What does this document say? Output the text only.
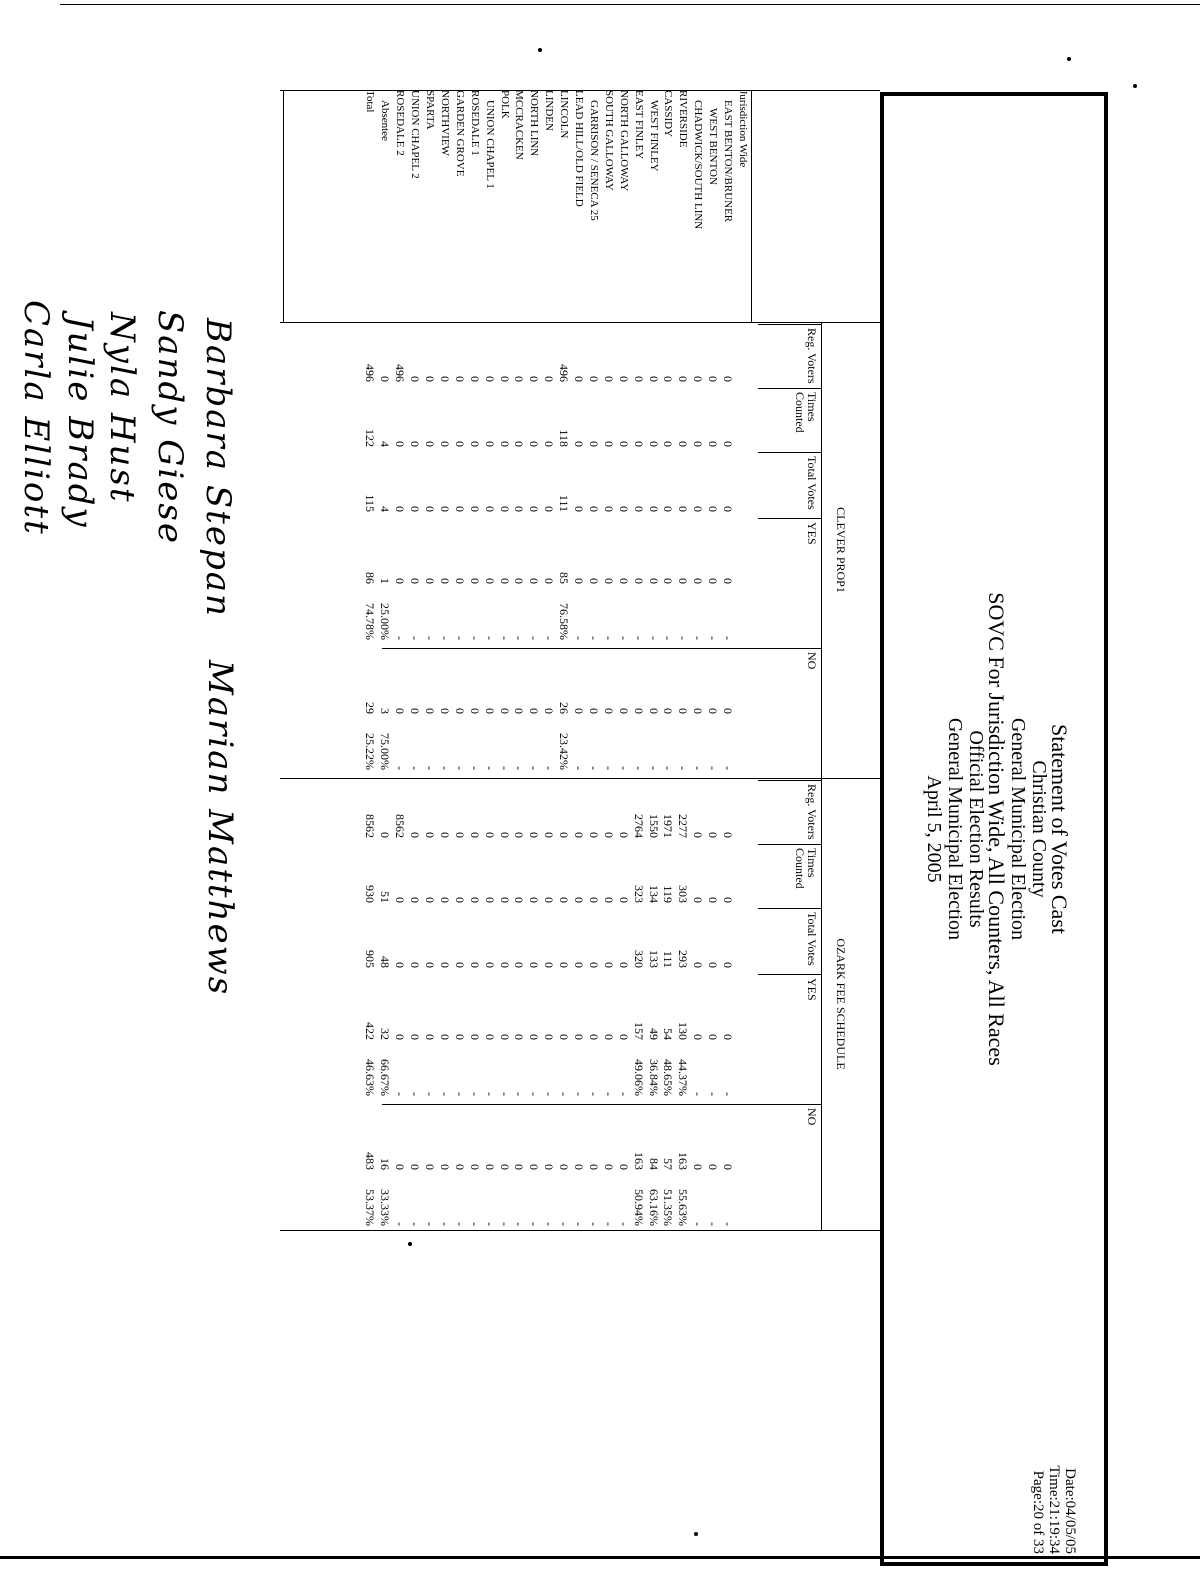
Statement of Votes Cast
Christian County
General Municipal Election
SOVC For Jurisdiction Wide, All Counters, All Races
Official Election Results
General Municipal Election
April 5, 2005
Date:04/05/05
Time:21:19:34
Page:20 of 33
CLEVER PROP1
Reg. Voters
Times Counted
Total Votes
YES
NO
OZARK FEE SCHEDULE
Reg. Voters
Times Counted
Total Votes
YES
NO
Jurisdiction Wide
EAST BENTON/BRUNER
0
0
0
0
-
0
-
0
0
0
0
-
0
-
WEST BENTON
0
0
0
0
-
0
-
0
0
0
0
-
0
-
CHADWICK/SOUTH LINN
0
0
0
0
-
0
-
0
0
0
0
-
0
-
RIVERSIDE
0
0
0
0
-
0
-
2277
303
293
130
44.37%
163
55.63%
CASSIDY
0
0
0
0
-
0
-
1971
119
111
54
48.65%
57
51.35%
WEST FINLEY
0
0
0
0
-
0
-
1550
134
133
49
36.84%
84
63.16%
EAST FINLEY
0
0
0
0
-
0
-
2764
323
320
157
49.06%
163
50.94%
NORTH GALLOWAY
0
0
0
0
-
0
-
0
0
0
0
-
0
-
SOUTH GALLOWAY
0
0
0
0
-
0
-
0
0
0
0
-
0
-
GARRISON / SENECA 25
0
0
0
0
-
0
-
0
0
0
0
-
0
-
LEAD HILL/OLD FIELD
0
0
0
0
-
0
-
0
0
0
0
-
0
-
LINCOLN
496
118
111
85
76.58%
26
23.42%
0
0
0
0
-
0
-
LINDEN
0
0
0
0
-
0
-
0
0
0
0
-
0
-
NORTH LINN
0
0
0
0
-
0
-
0
0
0
0
-
0
-
MCCRACKEN
0
0
0
0
-
0
-
0
0
0
0
-
0
-
POLK
0
0
0
0
-
0
-
0
0
0
0
-
0
-
UNION CHAPEL 1
0
0
0
0
-
0
-
0
0
0
0
-
0
-
ROSEDALE 1
0
0
0
0
-
0
-
0
0
0
0
-
0
-
GARDEN GROVE
0
0
0
0
-
0
-
0
0
0
0
-
0
-
NORTHVIEW
0
0
0
0
-
0
-
0
0
0
0
-
0
-
SPARTA
0
0
0
0
-
0
-
0
0
0
0
-
0
-
UNION CHAPEL 2
0
0
0
0
-
0
-
0
0
0
0
-
0
-
ROSEDALE 2
496
0
0
0
-
0
-
8562
0
0
0
-
0
-
Absentee
0
4
4
1
25.00%
3
75.00%
0
51
48
32
66.67%
16
33.33%
Total
496
122
115
86
74.78%
29
25.22%
8562
930
905
422
46.63%
483
53.37%
Barbara Stepan
Sandy Giese
Nyla Hust
Julie Brady
Carla Elliott
Marian Matthews
